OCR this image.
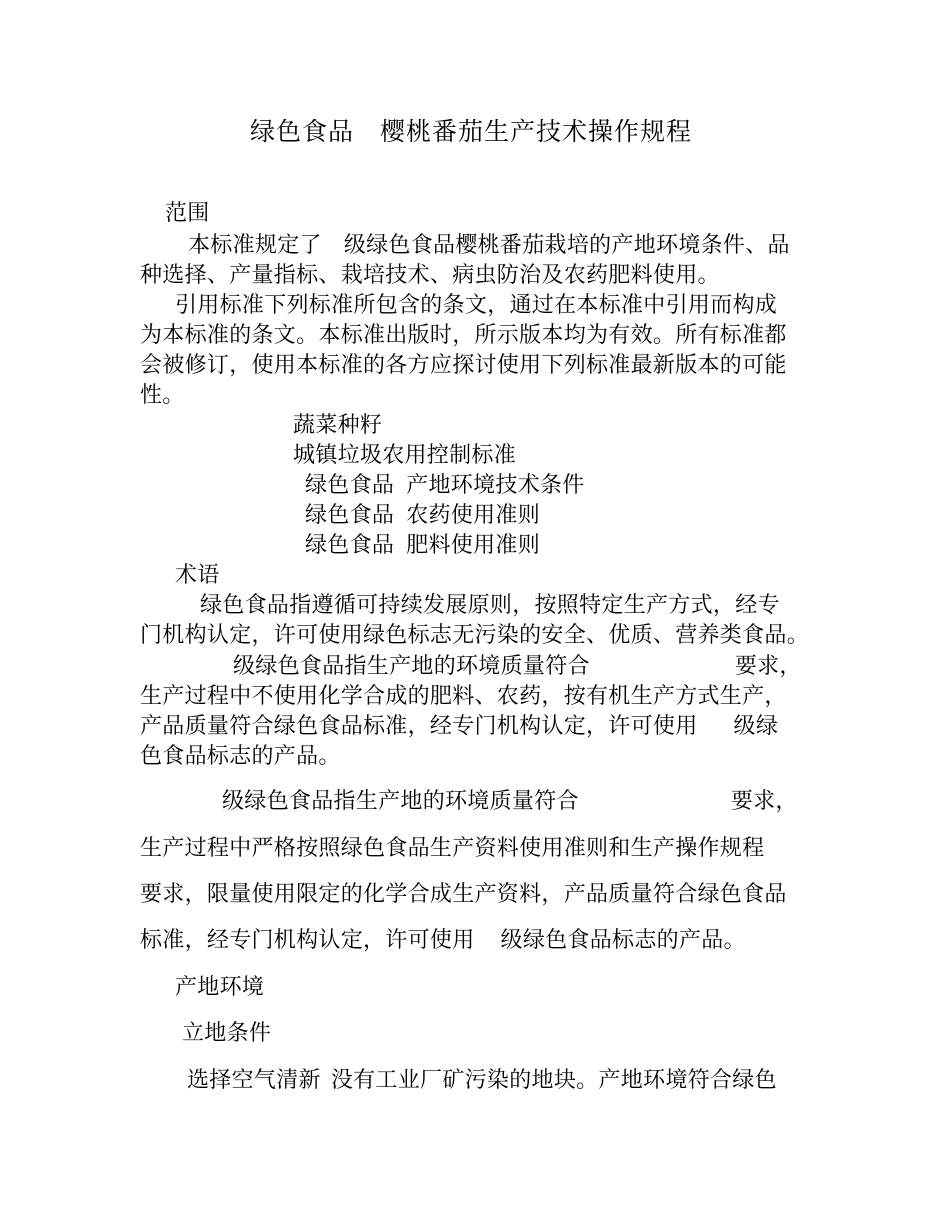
绿色食品 樱桃番茄生产技术操作规程
范围
本标准规定了 级绿色食品樱桃番茄栽培的产地环境条件、品
种选择、产量指标、栽培技术、病虫防治及农药肥料使用。
引用标准下列标准所包含的条文，通过在本标准中引用而构成
为本标准的条文。本标准出版时，所示版本均为有效。所有标准都
会被修订，使用本标准的各方应探讨使用下列标准最新版本的可能
性。
蔬菜种籽
城镇垃圾农用控制标准
绿色食品 产地环境技术条件
绿色食品 农药使用准则
绿色食品 肥料使用准则
术语
绿色食品指遵循可持续发展原则，按照特定生产方式，经专
门机构认定，许可使用绿色标志无污染的安全、优质、营养类食品。
级绿色食品指生产地的环境质量符合	要求，
生产过程中不使用化学合成的肥料、农药，按有机生产方式生产，
产品质量符合绿色食品标准，经专门机构认定，许可使用 级绿
色食品标志的产品。
级绿色食品指生产地的环境质量符合	要求，
生产过程中严格按照绿色食品生产资料使用准则和生产操作规程
要求，限量使用限定的化学合成生产资料，产品质量符合绿色食品
标准，经专门机构认定，许可使用 级绿色食品标志的产品。
产地环境
立地条件
选择空气清新 没有工业厂矿污染的地块。产地环境符合绿色
